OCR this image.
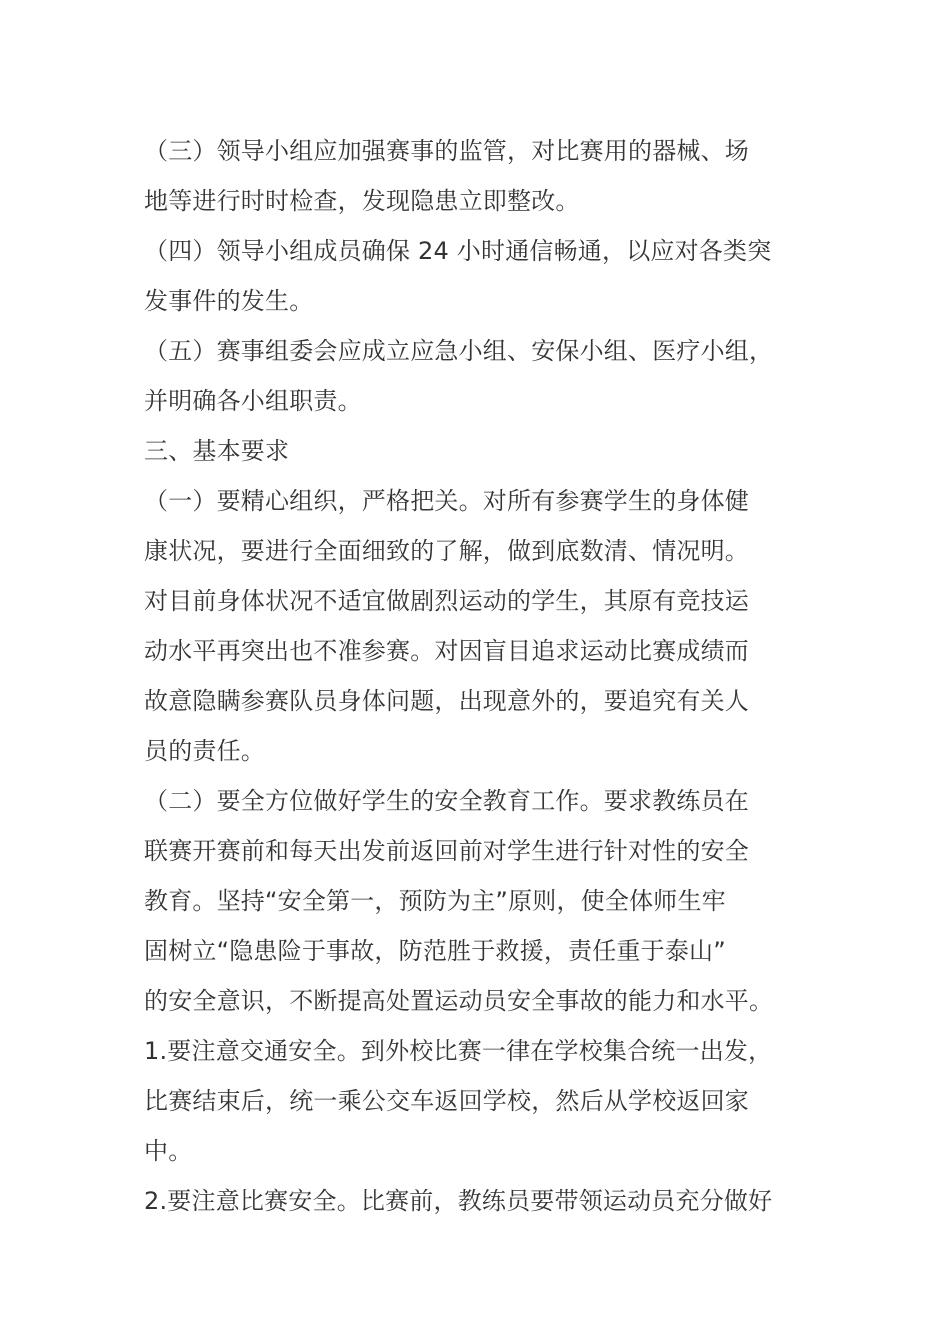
（三）领导小组应加强赛事的监管，对比赛用的器械、场
地等进行时时检查，发现隐患立即整改。
（四）领导小组成员确保 24 小时通信畅通，以应对各类突
发事件的发生。
（五）赛事组委会应成立应急小组、安保小组、医疗小组，
并明确各小组职责。
三、基本要求
（一）要精心组织，严格把关。对所有参赛学生的身体健
康状况，要进行全面细致的了解，做到底数清、情况明。
对目前身体状况不适宜做剧烈运动的学生，其原有竞技运
动水平再突出也不准参赛。对因盲目追求运动比赛成绩而
故意隐瞒参赛队员身体问题，出现意外的，要追究有关人
员的责任。
（二）要全方位做好学生的安全教育工作。要求教练员在
联赛开赛前和每天出发前返回前对学生进行针对性的安全
教育。坚持“安全第一，预防为主”原则，使全体师生牢
固树立“隐患险于事故，防范胜于救援，责任重于泰山”
的安全意识，不断提高处置运动员安全事故的能力和水平。
1.要注意交通安全。到外校比赛一律在学校集合统一出发，
比赛结束后，统一乘公交车返回学校，然后从学校返回家
中。
2.要注意比赛安全。比赛前，教练员要带领运动员充分做好
